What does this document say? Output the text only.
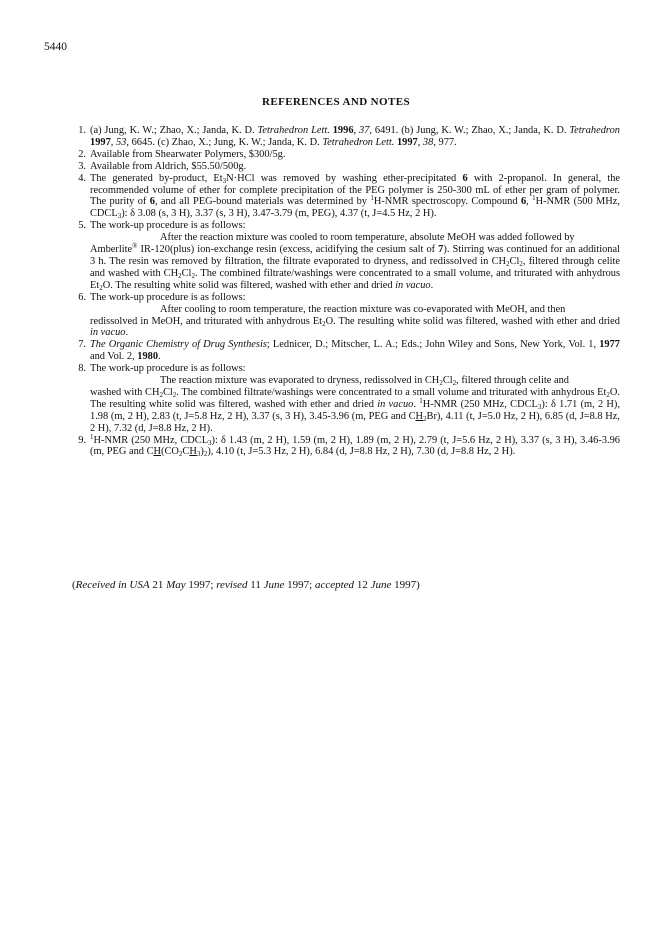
5440
REFERENCES AND NOTES
1. (a) Jung, K. W.; Zhao, X.; Janda, K. D. Tetrahedron Lett. 1996, 37, 6491. (b) Jung, K. W.; Zhao, X.; Janda, K. D. Tetrahedron 1997, 53, 6645. (c) Zhao, X.; Jung, K. W.; Janda, K. D. Tetrahedron Lett. 1997, 38, 977.
2. Available from Shearwater Polymers, $300/5g.
3. Available from Aldrich, $55.50/500g.
4. The generated by-product, $Et_3N\cdot HCl$ was removed by washing ether-precipitated 6 with 2-propanol. In general, the recommended volume of ether for complete precipitation of the PEG polymer is 250-300 mL of ether per gram of polymer. The purity of 6, and all PEG-bound materials was determined by $^1$H-NMR spectroscopy. Compound 6, $^1$H-NMR (500 MHz, $CDCL_3$): δ 3.08 (s, 3 H), 3.37 (s, 3 H), 3.47-3.79 (m, PEG), 4.37 (t, J=4.5 Hz, 2 H).
5. The work-up procedure is as follows:
After the reaction mixture was cooled to room temperature, absolute MeOH was added followed by
Amberlite® IR-120(plus) ion-exchange resin (excess, acidifying the cesium salt of 7). Stirring was continued for an additional 3 h. The resin was removed by filtration, the filtrate evaporated to dryness, and redissolved in $CH_2Cl_2$, filtered through celite and washed with $CH_2Cl_2$. The combined filtrate/washings were concentrated to a small volume, and triturated with anhydrous $Et_2O$. The resulting white solid was filtered, washed with ether and dried in vacuo.
6. The work-up procedure is as follows:
After cooling to room temperature, the reaction mixture was co-evaporated with MeOH, and then
redissolved in MeOH, and triturated with anhydrous $Et_2O$. The resulting white solid was filtered, washed with ether and dried in vacuo.
7. The Organic Chemistry of Drug Synthesis; Lednicer, D.; Mitscher, L. A.; Eds.; John Wiley and Sons, New York, Vol. 1, 1977 and Vol. 2, 1980.
8. The work-up procedure is as follows:
The reaction mixture was evaporated to dryness, redissolved in $CH_2Cl_2$, filtered through celite and
washed with $CH_2Cl_2$. The combined filtrate/washings were concentrated to a small volume and triturated with anhydrous $Et_2O$. The resulting white solid was filtered, washed with ether and dried in vacuo. $^1$H-NMR (250 MHz, $CDCL_3$): δ 1.71 (m, 2 H), 1.98 (m, 2 H), 2.83 (t, J=5.8 Hz, 2 H), 3.37 (s, 3 H), 3.45-3.96 (m, PEG and $CH_2Br$), 4.11 (t, J=5.0 Hz, 2 H), 6.85 (d, J=8.8 Hz, 2 H), 7.32 (d, J=8.8 Hz, 2 H).
9. $^1$H-NMR (250 MHz, $CDCL_3$): δ 1.43 (m, 2 H), 1.59 (m, 2 H), 1.89 (m, 2 H), 2.79 (t, J=5.6 Hz, 2 H), 3.37 (s, 3 H), 3.46-3.96 (m, PEG and $CH(CO_2CH_3)_2$), 4.10 (t, J=5.3 Hz, 2 H), 6.84 (d, J=8.8 Hz, 2 H), 7.30 (d, J=8.8 Hz, 2 H).
(Received in USA 21 May 1997; revised 11 June 1997; accepted 12 June 1997)
